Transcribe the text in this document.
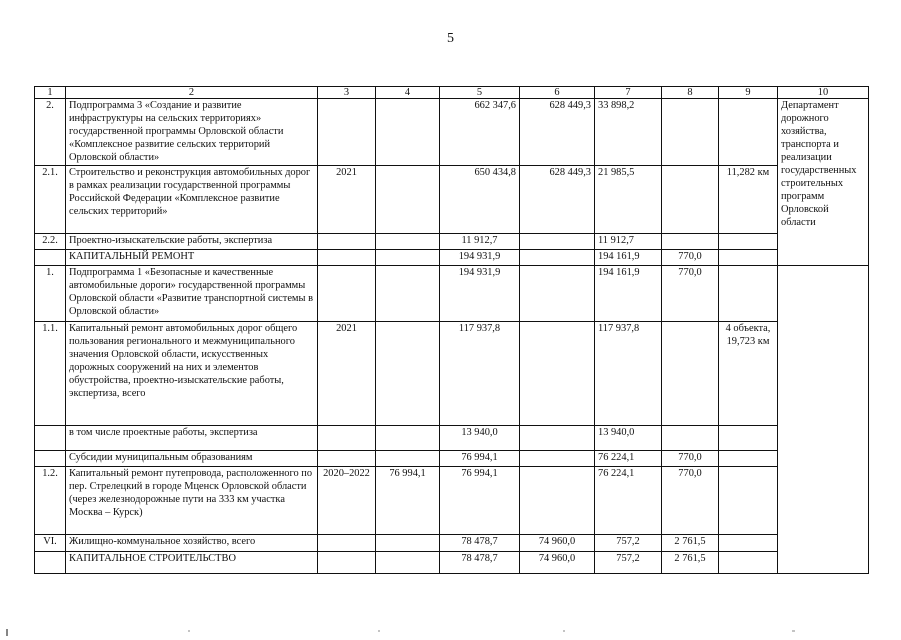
5
1	2	3	4	5	6	7	8	9	10
2.	Подпрограмма 3 «Создание и развитие инфраструктуры на сельских территориях» государственной программы Орловской области «Комплексное развитие сельских территорий Орловской области»			662 347,6	628 449,3	33 898,2			Департамент дорожного хозяйства, транспорта и реализации государственных строительных программ Орловской области
2.1.	Строительство и реконструкция автомобильных дорог в рамках реализации государственной программы Российской Федерации «Комплексное развитие сельских территорий»	2021		650 434,8	628 449,3	21 985,5		11,282 км	
2.2.	Проектно-изыскательские работы, экспертиза			11 912,7		11 912,7			
	КАПИТАЛЬНЫЙ РЕМОНТ			194 931,9		194 161,9	770,0		
1.	Подпрограмма 1 «Безопасные и качественные автомобильные дороги» государственной программы Орловской области «Развитие транспортной системы в Орловской области»			194 931,9		194 161,9	770,0		
1.1.	Капитальный ремонт автомобильных дорог общего пользования регионального и межмуниципального значения Орловской области, искусственных дорожных сооружений на них и элементов обустройства, проектно-изыскательские работы, экспертиза, всего	2021		117 937,8		117 937,8		4 объекта, 19,723 км	
	в том числе проектные работы, экспертиза			13 940,0		13 940,0			
	Субсидии муниципальным образованиям			76 994,1		76 224,1	770,0		
1.2.	Капитальный ремонт путепровода, расположенного по пер. Стрелецкий в городе Мценск Орловской области (через железнодорожные пути на 333 км участка Москва – Курск)	2020–2022	76 994,1	76 994,1		76 224,1	770,0		
VI.	Жилищно-коммунальное хозяйство, всего			78 478,7	74 960,0	757,2	2 761,5		
	КАПИТАЛЬНОЕ СТРОИТЕЛЬСТВО			78 478,7	74 960,0	757,2	2 761,5		
